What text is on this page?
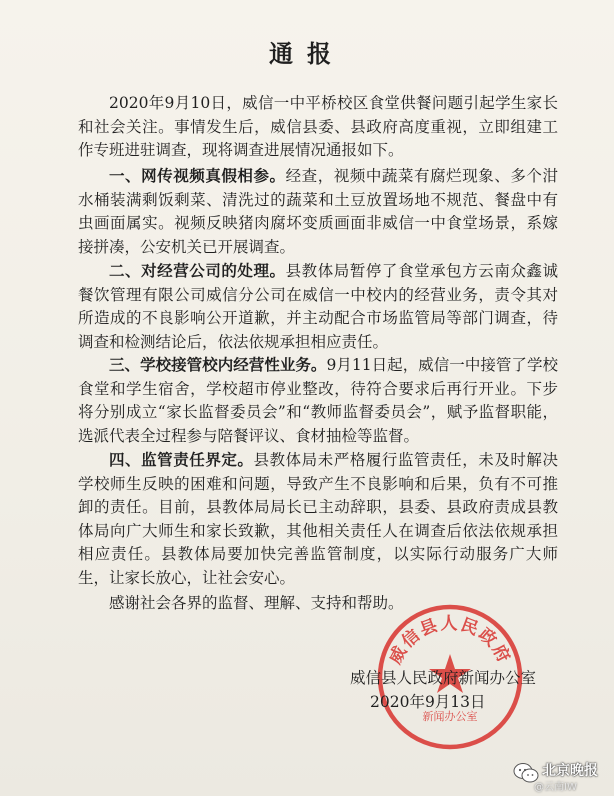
通报
2020年9月10日，威信一中平桥校区食堂供餐问题引起学生家长和社会关注。事情发生后，威信县委、县政府高度重视，立即组建工作专班进驻调查，现将调查进展情况通报如下。
一、网传视频真假相参。经查，视频中蔬菜有腐烂现象、多个泔水桶装满剩饭剩菜、清洗过的蔬菜和土豆放置场地不规范、餐盘中有虫画面属实。视频反映猪肉腐坏变质画面非威信一中食堂场景，系嫁接拼凑，公安机关已开展调查。
二、对经营公司的处理。县教体局暂停了食堂承包方云南众鑫诚餐饮管理有限公司威信分公司在威信一中校内的经营业务，责令其对所造成的不良影响公开道歉，并主动配合市场监管局等部门调查，待调查和检测结论后，依法依规承担相应责任。
三、学校接管校内经营性业务。9月11日起，威信一中接管了学校食堂和学生宿舍，学校超市停业整改，待符合要求后再行开业。下步将分别成立“家长监督委员会”和“教师监督委员会”，赋予监督职能，选派代表全过程参与陪餐评议、食材抽检等监督。
四、监管责任界定。县教体局未严格履行监管责任，未及时解决学校师生反映的困难和问题，导致产生不良影响和后果，负有不可推卸的责任。目前，县教体局局长已主动辞职，县委、县政府责成县教体局向广大师生和家长致歉，其他相关责任人在调查后依法依规承担相应责任。县教体局要加快完善监管制度，以实际行动服务广大师生，让家长放心，让社会安心。
感谢社会各界的监督、理解、支持和帮助。
威信县人民政府
新闻办公室
威信县人民政府新闻办公室
2020年9月13日
北京晚报
@云南IW
